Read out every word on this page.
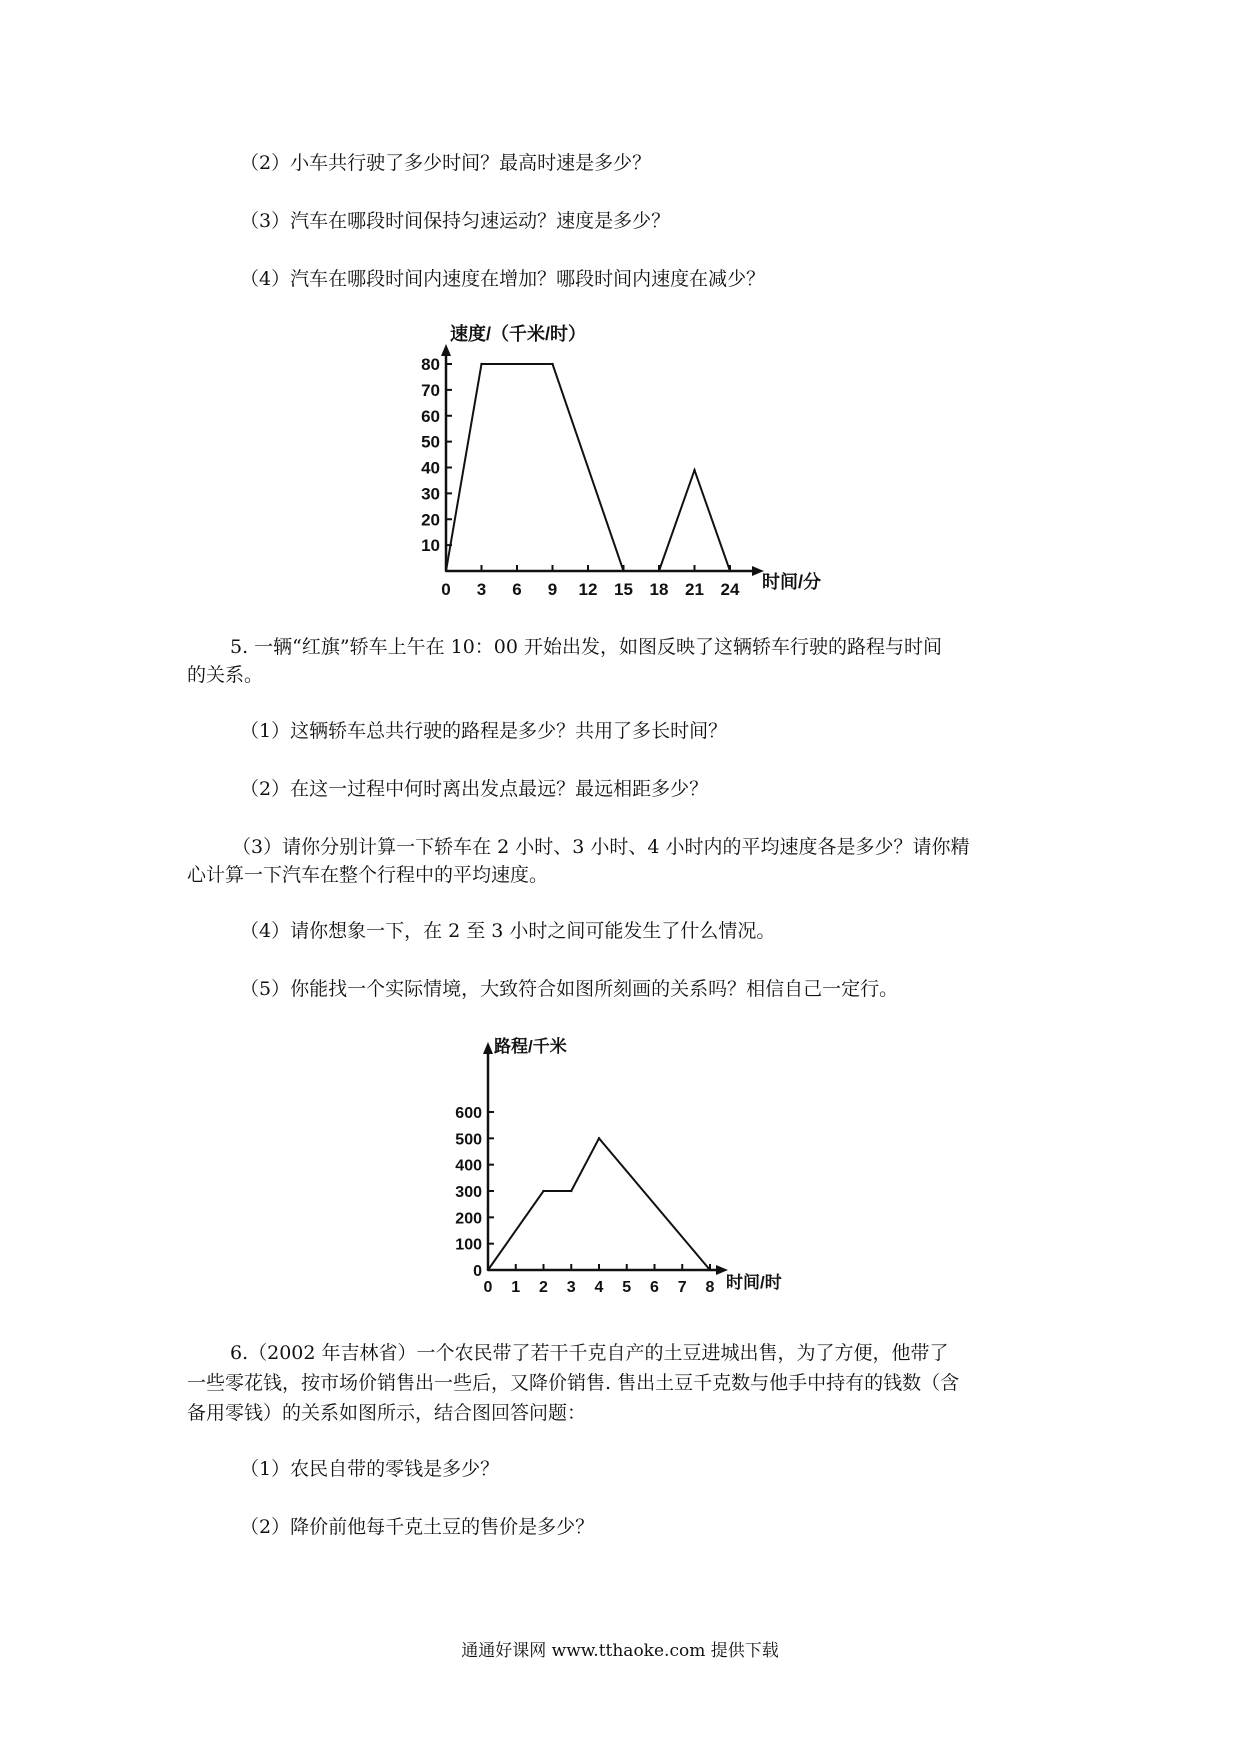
（2）小车共行驶了多少时间？最高时速是多少？
（3）汽车在哪段时间保持匀速运动？速度是多少？
（4）汽车在哪段时间内速度在增加？哪段时间内速度在减少？
速度/（千米/时）
时间/分
0 3 6 9 12 15 18 21 24
10
20
30
40
50
60
70
80
5. 一辆“红旗”轿车上午在 10：00 开始出发，如图反映了这辆轿车行驶的路程与时间
的关系。
（1）这辆轿车总共行驶的路程是多少？共用了多长时间？
（2）在这一过程中何时离出发点最远？最远相距多少？
（3）请你分别计算一下轿车在 2 小时、3 小时、4 小时内的平均速度各是多少？请你精
心计算一下汽车在整个行程中的平均速度。
（4）请你想象一下，在 2 至 3 小时之间可能发生了什么情况。
（5）你能找一个实际情境，大致符合如图所刻画的关系吗？相信自己一定行。
路程/千米
时间/时
0 1 2 3 4 5 6 7 8
0
100
200
300
400
500
600
6.（2002 年吉林省）一个农民带了若干千克自产的土豆进城出售，为了方便，他带了
一些零花钱，按市场价销售出一些后，又降价销售. 售出土豆千克数与他手中持有的钱数（含
备用零钱）的关系如图所示，结合图回答问题：
（1）农民自带的零钱是多少？
（2）降价前他每千克土豆的售价是多少？
通通好课网 www.tthaoke.com 提供下载
